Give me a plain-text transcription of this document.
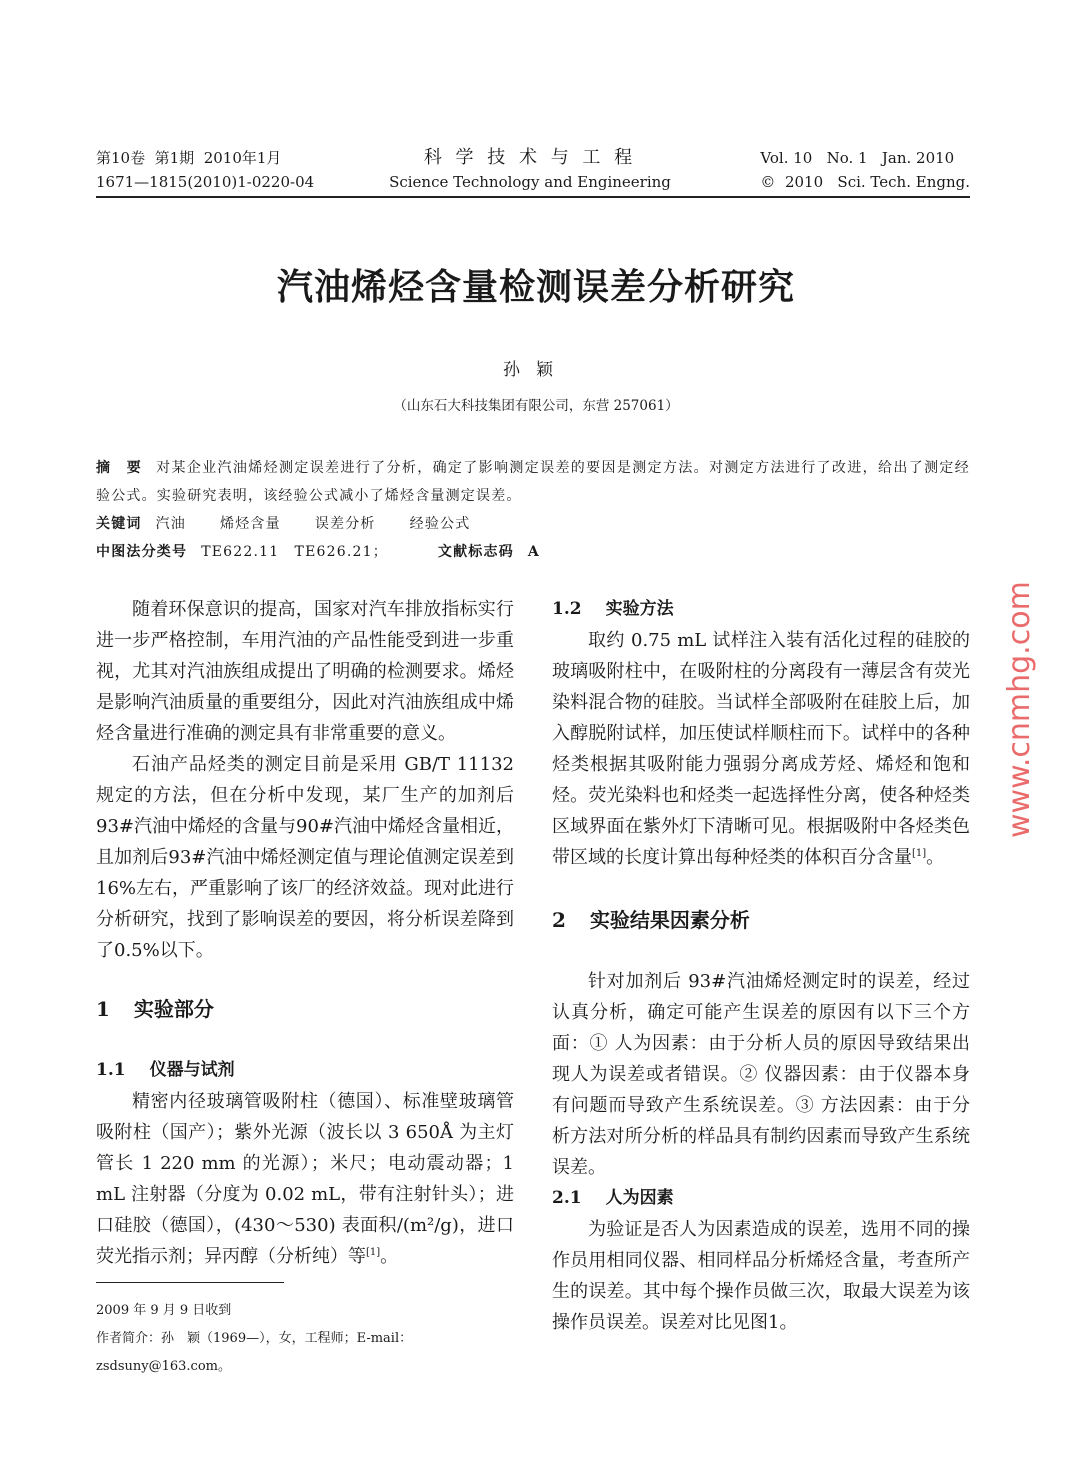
第10卷  第1期  2010年1月
1671—1815(2010)1-0220-04
科 学 技 术 与 工 程
Science Technology and Engineering
Vol. 10   No. 1   Jan. 2010
©  2010   Sci. Tech. Engng.
汽油烯烃含量检测误差分析研究
孙颖
（山东石大科技集团有限公司，东营 257061）
摘　要 对某企业汽油烯烃测定误差进行了分析，确定了影响测定误差的要因是测定方法。对测定方法进行了改进，给出了测定经验公式。实验研究表明，该经验公式减小了烯烃含量测定误差。
关键词 汽油 烯烃含量 误差分析 经验公式
中图法分类号 TE622.11　TE626.21；	文献标志码 A

随着环保意识的提高，国家对汽车排放指标实行进一步严格控制，车用汽油的产品性能受到进一步重视，尤其对汽油族组成提出了明确的检测要求。烯烃是影响汽油质量的重要组分，因此对汽油族组成中烯烃含量进行准确的测定具有非常重要的意义。

石油产品烃类的测定目前是采用 GB/T 11132 规定的方法，但在分析中发现，某厂生产的加剂后93#汽油中烯烃的含量与90#汽油中烯烃含量相近，且加剂后93#汽油中烯烃测定值与理论值测定误差到16%左右，严重影响了该厂的经济效益。现对此进行分析研究，找到了影响误差的要因，将分析误差降到了0.5%以下。

1 实验部分
1.1 仪器与试剂

精密内径玻璃管吸附柱（德国）、标准壁玻璃管吸附柱（国产）；紫外光源（波长以 3 650Å 为主灯管长 1 220 mm 的光源）；米尺；电动震动器；1 mL 注射器（分度为 0.02 mL，带有注射针头）；进口硅胶（德国），(430～530) 表面积/(m²/g)，进口荧光指示剂；异丙醇（分析纯）等[1]。

2009 年 9 月 9 日收到
作者简介：孙　颖（1969—），女，工程师；E-mail：zsdsuny@163.com。
1.2 实验方法

取约 0.75 mL 试样注入装有活化过程的硅胶的玻璃吸附柱中，在吸附柱的分离段有一薄层含有荧光染料混合物的硅胶。当试样全部吸附在硅胶上后，加入醇脱附试样，加压使试样顺柱而下。试样中的各种烃类根据其吸附能力强弱分离成芳烃、烯烃和饱和烃。荧光染料也和烃类一起选择性分离，使各种烃类区域界面在紫外灯下清晰可见。根据吸附中各烃类色带区域的长度计算出每种烃类的体积百分含量[1]。

2 实验结果因素分析

针对加剂后 93#汽油烯烃测定时的误差，经过认真分析，确定可能产生误差的原因有以下三个方面：① 人为因素：由于分析人员的原因导致结果出现人为误差或者错误。② 仪器因素：由于仪器本身有问题而导致产生系统误差。③ 方法因素：由于分析方法对所分析的样品具有制约因素而导致产生系统误差。

2.1 人为因素

为验证是否人为因素造成的误差，选用不同的操作员用相同仪器、相同样品分析烯烃含量，考查所产生的误差。其中每个操作员做三次，取最大误差为该操作员误差。误差对比见图1。

www.cnmhg.com
